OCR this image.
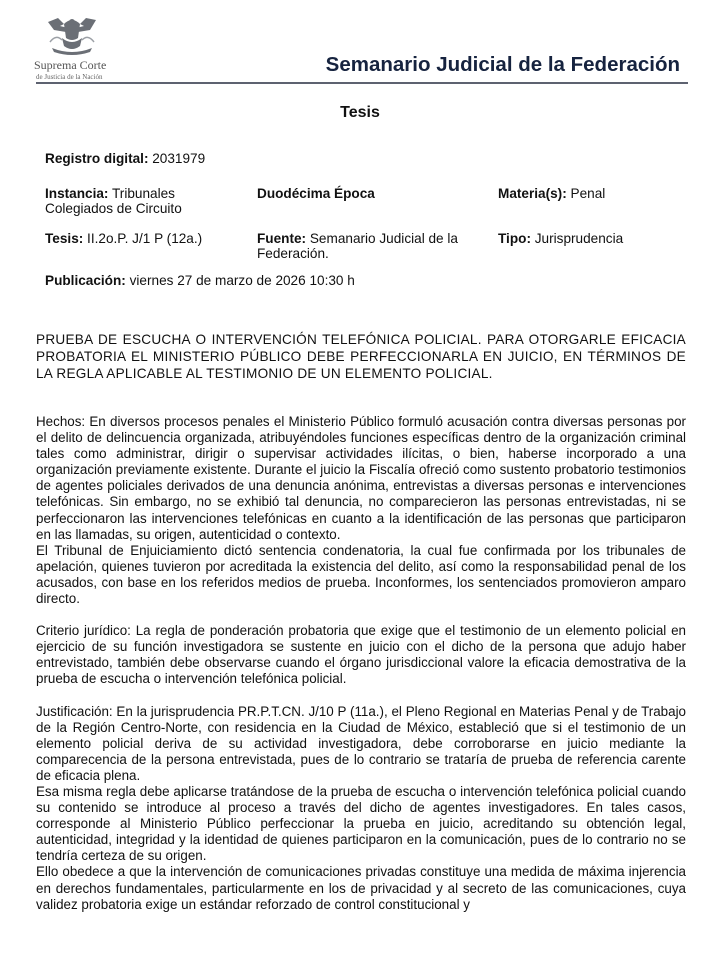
Suprema Corte
de Justicia de la Nación
Semanario Judicial de la Federación
Tesis
Registro digital: 2031979
Instancia: Tribunales Colegiados de Circuito
Duodécima Época	Materia(s): Penal
Tesis: II.2o.P. J/1 P (12a.)	Fuente: Semanario Judicial de la Federación.
Tipo: Jurisprudencia
Publicación: viernes 27 de marzo de 2026 10:30 h
PRUEBA DE ESCUCHA O INTERVENCIÓN TELEFÓNICA POLICIAL. PARA OTORGARLE EFICACIA PROBATORIA EL MINISTERIO PÚBLICO DEBE PERFECCIONARLA EN JUICIO, EN TÉRMINOS DE LA REGLA APLICABLE AL TESTIMONIO DE UN ELEMENTO POLICIAL.

Hechos: En diversos procesos penales el Ministerio Público formuló acusación contra diversas personas por el delito de delincuencia organizada, atribuyéndoles funciones específicas dentro de la organización criminal tales como administrar, dirigir o supervisar actividades ilícitas, o bien, haberse incorporado a una organización previamente existente. Durante el juicio la Fiscalía ofreció como sustento probatorio testimonios de agentes policiales derivados de una denuncia anónima, entrevistas a diversas personas e intervenciones telefónicas. Sin embargo, no se exhibió tal denuncia, no comparecieron las personas entrevistadas, ni se perfeccionaron las intervenciones telefónicas en cuanto a la identificación de las personas que participaron en las llamadas, su origen, autenticidad o contexto.

El Tribunal de Enjuiciamiento dictó sentencia condenatoria, la cual fue confirmada por los tribunales de apelación, quienes tuvieron por acreditada la existencia del delito, así como la responsabilidad penal de los acusados, con base en los referidos medios de prueba. Inconformes, los sentenciados promovieron amparo directo.

Criterio jurídico: La regla de ponderación probatoria que exige que el testimonio de un elemento policial en ejercicio de su función investigadora se sustente en juicio con el dicho de la persona que adujo haber entrevistado, también debe observarse cuando el órgano jurisdiccional valore la eficacia demostrativa de la prueba de escucha o intervención telefónica policial.

Justificación: En la jurisprudencia PR.P.T.CN. J/10 P (11a.), el Pleno Regional en Materias Penal y de Trabajo de la Región Centro-Norte, con residencia en la Ciudad de México, estableció que si el testimonio de un elemento policial deriva de su actividad investigadora, debe corroborarse en juicio mediante la comparecencia de la persona entrevistada, pues de lo contrario se trataría de prueba de referencia carente de eficacia plena.

Esa misma regla debe aplicarse tratándose de la prueba de escucha o intervención telefónica policial cuando su contenido se introduce al proceso a través del dicho de agentes investigadores. En tales casos, corresponde al Ministerio Público perfeccionar la prueba en juicio, acreditando su obtención legal, autenticidad, integridad y la identidad de quienes participaron en la comunicación, pues de lo contrario no se tendría certeza de su origen.

Ello obedece a que la intervención de comunicaciones privadas constituye una medida de máxima injerencia en derechos fundamentales, particularmente en los de privacidad y al secreto de las comunicaciones, cuya validez probatoria exige un estándar reforzado de control constitucional y
